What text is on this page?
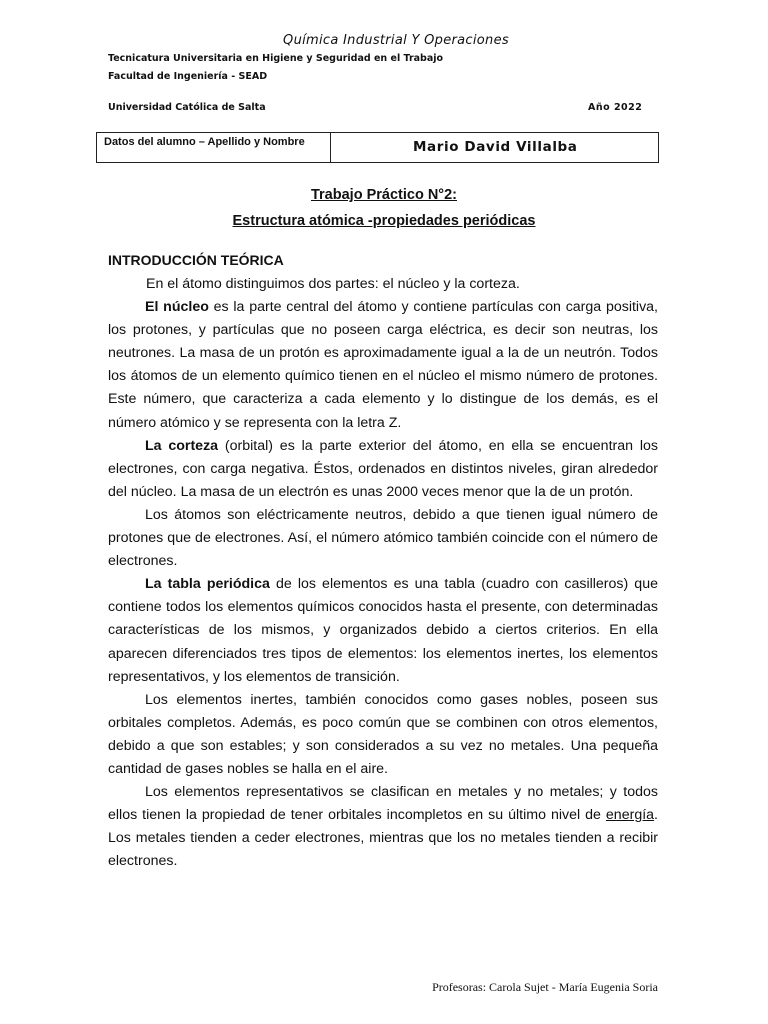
Química Industrial Y Operaciones
Tecnicatura Universitaria en Higiene y Seguridad en el Trabajo
Facultad de Ingeniería - SEAD
Universidad Católica de Salta	Año 2022
Datos del alumno – Apellido y Nombre	Mario David Villalba
Trabajo Práctico N°2:
Estructura atómica -propiedades periódicas
INTRODUCCIÓN TEÓRICA

En el átomo distinguimos dos partes: el núcleo y la corteza.

El núcleo es la parte central del átomo y contiene partículas con carga positiva, los protones, y partículas que no poseen carga eléctrica, es decir son neutras, los neutrones. La masa de un protón es aproximadamente igual a la de un neutrón. Todos los átomos de un elemento químico tienen en el núcleo el mismo número de protones. Este número, que caracteriza a cada elemento y lo distingue de los demás, es el número atómico y se representa con la letra Z.

La corteza (orbital) es la parte exterior del átomo, en ella se encuentran los electrones, con carga negativa. Éstos, ordenados en distintos niveles, giran alrededor del núcleo. La masa de un electrón es unas 2000 veces menor que la de un protón.

Los átomos son eléctricamente neutros, debido a que tienen igual número de protones que de electrones. Así, el número atómico también coincide con el número de electrones.

La tabla periódica de los elementos es una tabla (cuadro con casilleros) que contiene todos los elementos químicos conocidos hasta el presente, con determinadas características de los mismos, y organizados debido a ciertos criterios. En ella aparecen diferenciados tres tipos de elementos: los elementos inertes, los elementos representativos, y los elementos de transición.

Los elementos inertes, también conocidos como gases nobles, poseen sus orbitales completos. Además, es poco común que se combinen con otros elementos, debido a que son estables; y son considerados a su vez no metales. Una pequeña cantidad de gases nobles se halla en el aire.

Los elementos representativos se clasifican en metales y no metales; y todos ellos tienen la propiedad de tener orbitales incompletos en su último nivel de energía. Los metales tienden a ceder electrones, mientras que los no metales tienden a recibir electrones.

Profesoras: Carola Sujet - María Eugenia Soria
